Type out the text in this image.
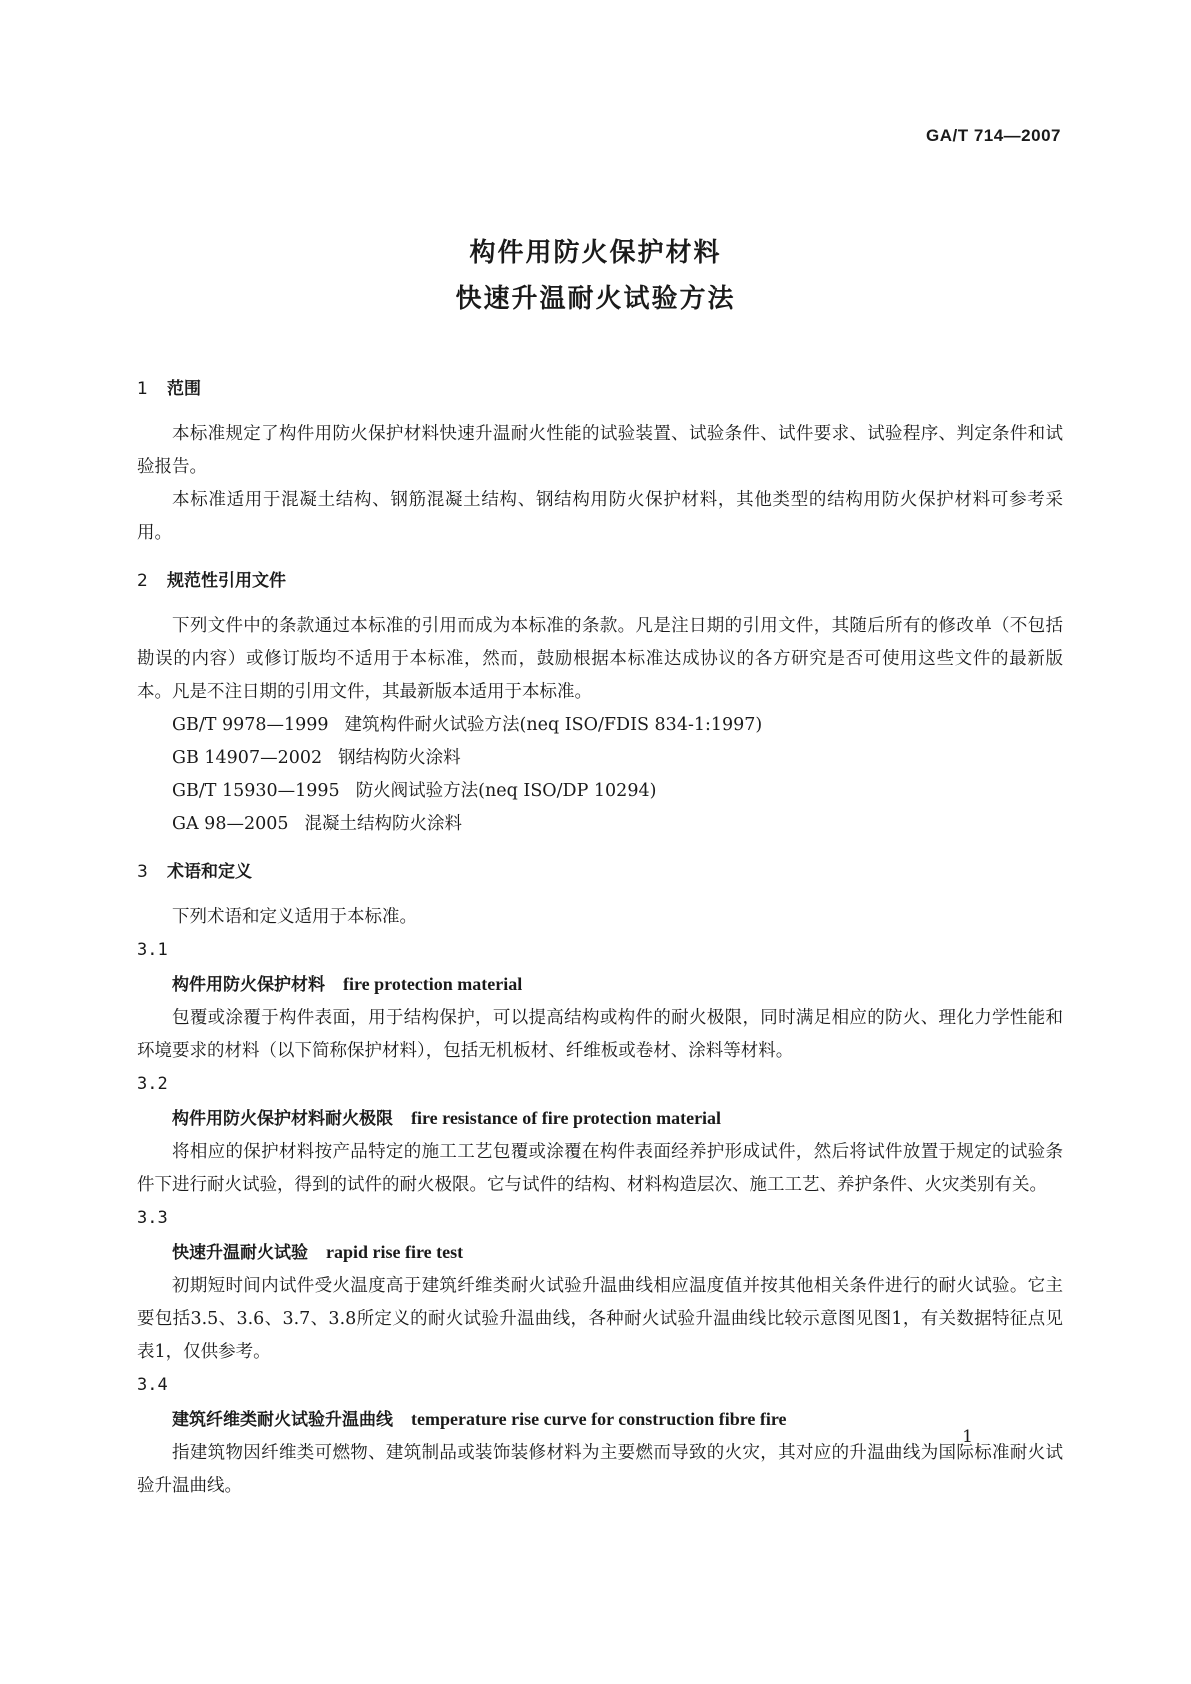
GA/T 714—2007
构件用防火保护材料
快速升温耐火试验方法
1 范围

本标准规定了构件用防火保护材料快速升温耐火性能的试验装置、试验条件、试件要求、试验程序、判定条件和试验报告。

本标准适用于混凝土结构、钢筋混凝土结构、钢结构用防火保护材料，其他类型的结构用防火保护材料可参考采用。

2 规范性引用文件

下列文件中的条款通过本标准的引用而成为本标准的条款。凡是注日期的引用文件，其随后所有的修改单（不包括勘误的内容）或修订版均不适用于本标准，然而，鼓励根据本标准达成协议的各方研究是否可使用这些文件的最新版本。凡是不注日期的引用文件，其最新版本适用于本标准。

GB/T 9978—1999 建筑构件耐火试验方法(neq ISO/FDIS 834-1:1997)

GB 14907—2002 钢结构防火涂料

GB/T 15930—1995 防火阀试验方法(neq ISO/DP 10294)

GA 98—2005 混凝土结构防火涂料

3 术语和定义

下列术语和定义适用于本标准。

3.1

构件用防火保护材料 fire protection material

包覆或涂覆于构件表面，用于结构保护，可以提高结构或构件的耐火极限，同时满足相应的防火、理化力学性能和环境要求的材料（以下简称保护材料），包括无机板材、纤维板或卷材、涂料等材料。

3.2

构件用防火保护材料耐火极限 fire resistance of fire protection material

将相应的保护材料按产品特定的施工工艺包覆或涂覆在构件表面经养护形成试件，然后将试件放置于规定的试验条件下进行耐火试验，得到的试件的耐火极限。它与试件的结构、材料构造层次、施工工艺、养护条件、火灾类别有关。

3.3

快速升温耐火试验 rapid rise fire test

初期短时间内试件受火温度高于建筑纤维类耐火试验升温曲线相应温度值并按其他相关条件进行的耐火试验。它主要包括3.5、3.6、3.7、3.8所定义的耐火试验升温曲线，各种耐火试验升温曲线比较示意图见图1，有关数据特征点见表1，仅供参考。

3.4

建筑纤维类耐火试验升温曲线 temperature rise curve for construction fibre fire

指建筑物因纤维类可燃物、建筑制品或装饰装修材料为主要燃而导致的火灾，其对应的升温曲线为国际标准耐火试验升温曲线。

1
